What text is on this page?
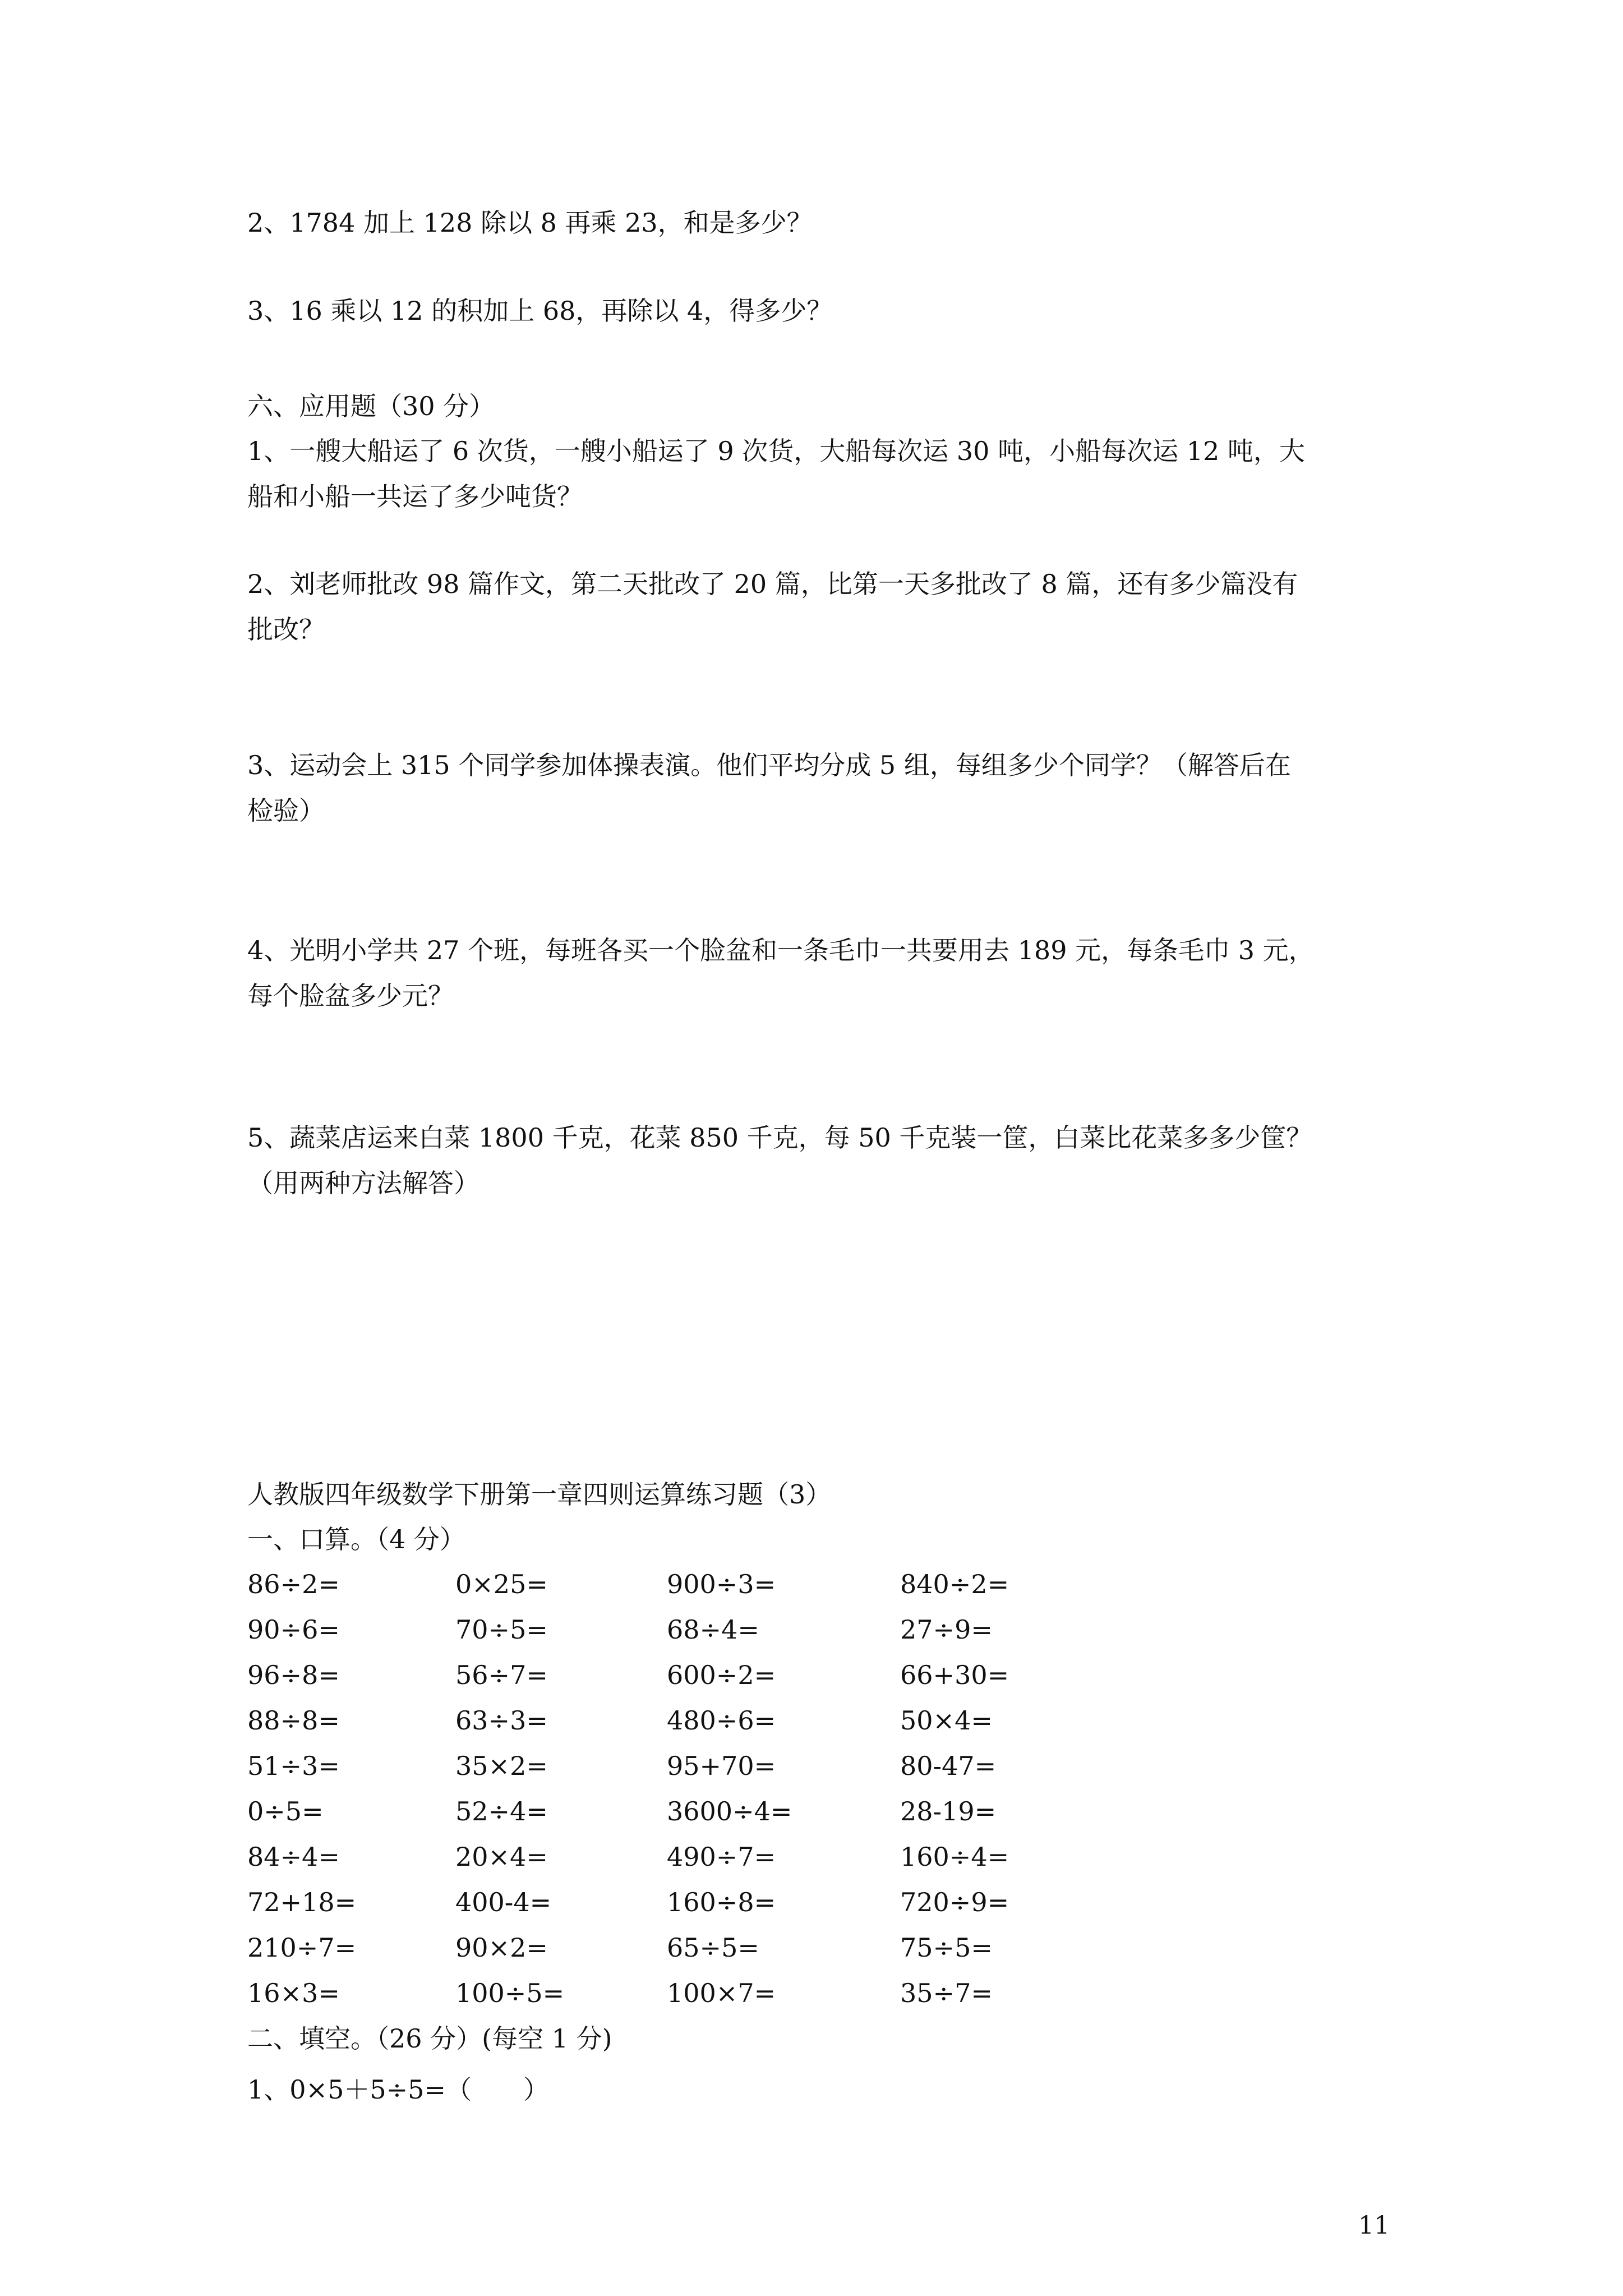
2、1784 加上 128 除以 8 再乘 23，和是多少？

3、16 乘以 12 的积加上 68，再除以 4，得多少？

六、应用题（30 分）

1、一艘大船运了 6 次货，一艘小船运了 9 次货，大船每次运 30 吨，小船每次运 12 吨，大

船和小船一共运了多少吨货？

2、刘老师批改 98 篇作文，第二天批改了 20 篇，比第一天多批改了 8 篇，还有多少篇没有

批改？

3、运动会上 315 个同学参加体操表演。他们平均分成 5 组，每组多少个同学？（解答后在

检验）

4、光明小学共 27 个班，每班各买一个脸盆和一条毛巾一共要用去 189 元，每条毛巾 3 元，

每个脸盆多少元？

5、蔬菜店运来白菜 1800 千克，花菜 850 千克，每 50 千克装一筐，白菜比花菜多多少筐？

（用两种方法解答）

人教版四年级数学下册第一章四则运算练习题（3）

一、口算。（4 分）

86÷2=	0×25=	900÷3=	840÷2=
90÷6=	70÷5=	68÷4=	27÷9=
96÷8=	56÷7=	600÷2=	66+30=
88÷8=	63÷3=	480÷6=	50×4=
51÷3=	35×2=	95+70=	80-47=
0÷5=	52÷4=	3600÷4=	28-19=
84÷4=	20×4=	490÷7=	160÷4=
72+18=	400-4=	160÷8=	720÷9=
210÷7=	90×2=	65÷5=	75÷5=
16×3=	100÷5=	100×7=	35÷7=

二、填空。（26 分）(每空 1 分)

1、0×5＋5÷5=（　　）

11
